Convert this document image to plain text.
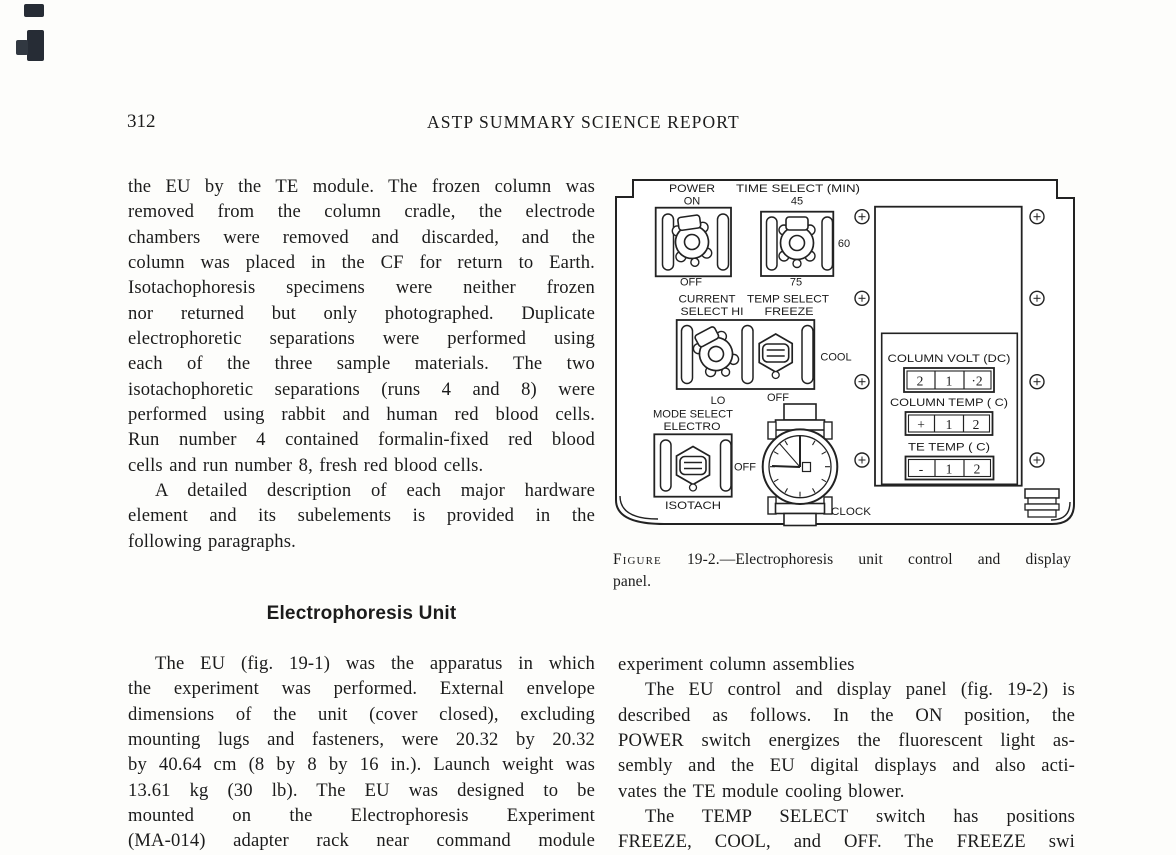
312	ASTP SUMMARY SCIENCE REPORT
the EU by the TE module. The frozen column was
removed from the column cradle, the electrode
chambers were removed and discarded, and the
column was placed in the CF for return to Earth.
Isotachophoresis specimens were neither frozen
nor returned but only photographed. Duplicate
electrophoretic separations were performed using
each of the three sample materials. The two
isotachophoretic separations (runs 4 and 8) were
performed using rabbit and human red blood cells.
Run number 4 contained formalin-fixed red blood
cells and run number 8, fresh red blood cells.
A detailed description of each major hardware
element and its subelements is provided in the
following paragraphs.
Electrophoresis Unit
The EU (fig. 19-1) was the apparatus in which
the experiment was performed. External envelope
dimensions of the unit (cover closed), excluding
mounting lugs and fasteners, were 20.32 by 20.32
by 40.64 cm (8 by 8 by 16 in.). Launch weight was
13.61 kg (30 lb). The EU was designed to be
mounted on the Electrophoresis Experiment
(MA-014) adapter rack near command module
POWER
ON
OFF
TIME SELECT (MIN)
45
60
75
CURRENT TEMP SELECT
SELECT HI FREEZE
COOL
LO	OFF
MODE SELECT
ELECTRO
OFF
ISOTACH	CLOCK
COLUMN VOLT (DC)
2 1 ·2
COLUMN TEMP ( C)
+ 1 2
TE TEMP ( C)
- 1 2
Figure 19-2.—Electrophoresis unit control and display
panel.
experiment column assemblies
The EU control and display panel (fig. 19-2) is
described as follows. In the ON position, the
POWER switch energizes the fluorescent light as-
sembly and the EU digital displays and also acti-
vates the TE module cooling blower.
The TEMP SELECT switch has positions
FREEZE, COOL, and OFF. The FREEZE swi
